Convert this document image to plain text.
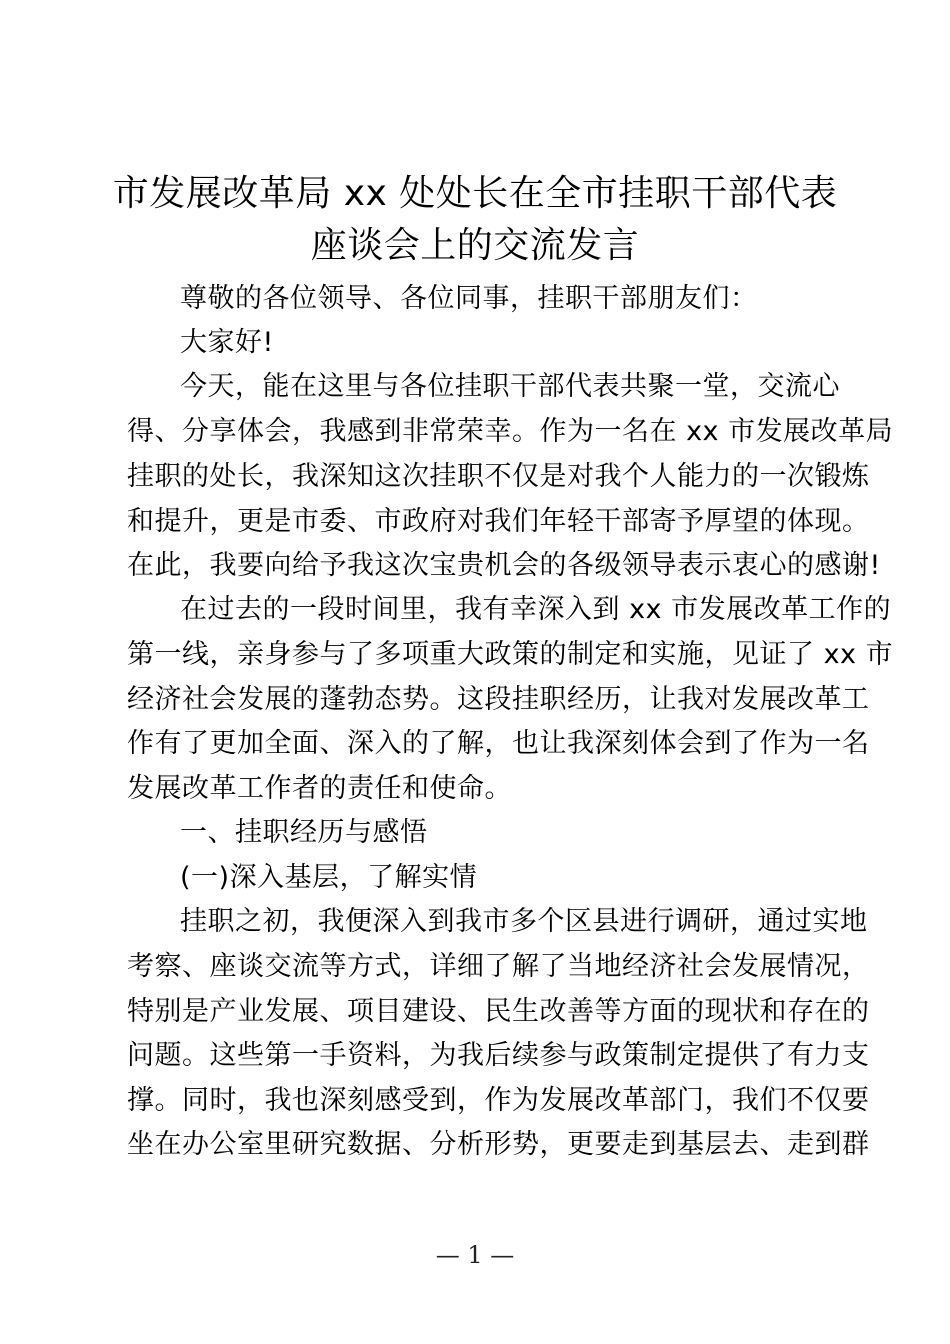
市发展改革局 xx 处处长在全市挂职干部代表
座谈会上的交流发言
尊敬的各位领导、各位同事，挂职干部朋友们：
大家好!
今天，能在这里与各位挂职干部代表共聚一堂，交流心
得、分享体会，我感到非常荣幸。作为一名在 xx 市发展改革局
挂职的处长，我深知这次挂职不仅是对我个人能力的一次锻炼
和提升，更是市委、市政府对我们年轻干部寄予厚望的体现。
在此，我要向给予我这次宝贵机会的各级领导表示衷心的感谢!
在过去的一段时间里，我有幸深入到 xx 市发展改革工作的
第一线，亲身参与了多项重大政策的制定和实施，见证了 xx 市
经济社会发展的蓬勃态势。这段挂职经历，让我对发展改革工
作有了更加全面、深入的了解，也让我深刻体会到了作为一名
发展改革工作者的责任和使命。
一、挂职经历与感悟
(一)深入基层，了解实情
挂职之初，我便深入到我市多个区县进行调研，通过实地
考察、座谈交流等方式，详细了解了当地经济社会发展情况，
特别是产业发展、项目建设、民生改善等方面的现状和存在的
问题。这些第一手资料，为我后续参与政策制定提供了有力支
撑。同时，我也深刻感受到，作为发展改革部门，我们不仅要
坐在办公室里研究数据、分析形势，更要走到基层去、走到群
— 1 —
